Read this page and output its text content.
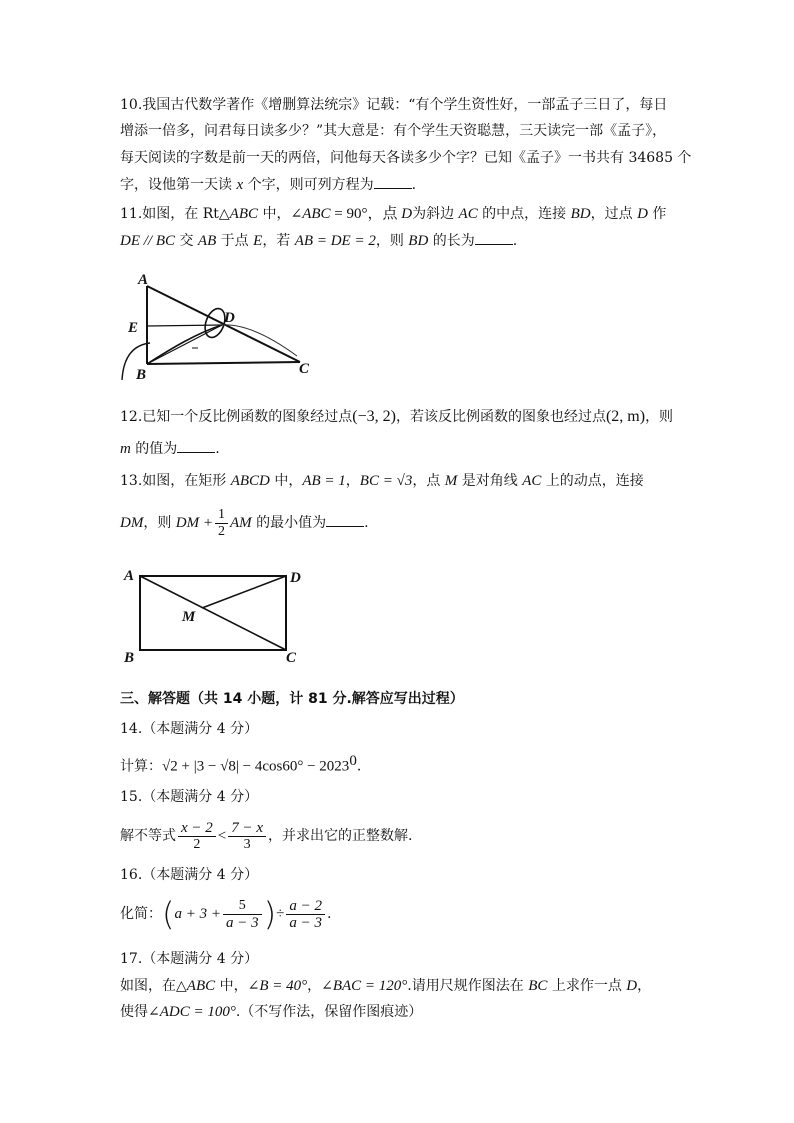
10.我国古代数学著作《增删算法统宗》记载：“有个学生资性好，一部孟子三日了，每日
增添一倍多，问君每日读多少？”其大意是：有个学生天资聪慧，三天读完一部《孟子》，
每天阅读的字数是前一天的两倍，问他每天各读多少个字？已知《孟子》一书共有 34685 个
字，设他第一天读 x 个字，则可列方程为	.
11.如图，在 Rt△ABC 中，∠ABC = 90°，点 D为斜边 AC 的中点，连接 BD，过点 D 作
DE // BC 交 AB 于点 E，若 AB = DE = 2，则 BD 的长为	.
A
E
D
B	C
12.已知一个反比例函数的图象经过点(−3, 2)，若该反比例函数的图象也经过点(2, m)，则
m 的值为	.
13.如图，在矩形 ABCD 中，AB = 1，BC = √3，点 M 是对角线 AC 上的动点，连接
DM，则 DM + $\frac{1}{2}$ AM 的最小值为	.
A	D
M
B	C
三、解答题（共 14 小题，计 81 分.解答应写出过程）
14.（本题满分 4 分）
计算：$√2 + |3 - √8| - 4\cos 60^\circ - 2023^0$.
15.（本题满分 4 分）
解不等式 $\frac{x - 2}{2} < \frac{7 - x}{3}$ ，并求出它的正整数解.
16.（本题满分 4 分）
化简：($a + 3 + \frac{5}{a - 3}$ )÷ $\frac{a - 2}{a - 3}$ .
17.（本题满分 4 分）
如图，在△ABC 中，∠B = 40°，∠BAC = 120°.请用尺规作图法在 BC 上求作一点 D，
使得∠ADC = 100°.（不写作法，保留作图痕迹）
